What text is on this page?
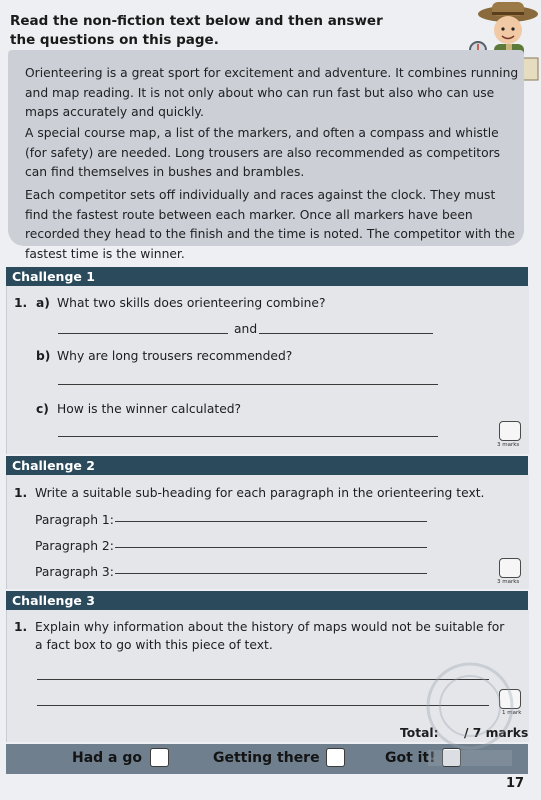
Read the non-fiction text below and then answer the questions on this page.
Orienteering is a great sport for excitement and adventure. It combines running and map reading. It is not only about who can run fast but also who can use maps accurately and quickly.
A special course map, a list of the markers, and often a compass and whistle (for safety) are needed. Long trousers are also recommended as competitors can find themselves in bushes and brambles.
Each competitor sets off individually and races against the clock. They must find the fastest route between each marker. Once all markers have been recorded they head to the finish and the time is noted. The competitor with the fastest time is the winner.
Challenge 1
1. a) What two skills does orienteering combine?
and
b) Why are long trousers recommended?
c) How is the winner calculated?
3 marks
Challenge 2
1. Write a suitable sub-heading for each paragraph in the orienteering text.
Paragraph 1:
Paragraph 2:
Paragraph 3:
3 marks
Challenge 3
1. Explain why information about the history of maps would not be suitable for
a fact box to go with this piece of text.
1 mark
Total: / 7 marks
Had a go	Getting there	Got it!
17
